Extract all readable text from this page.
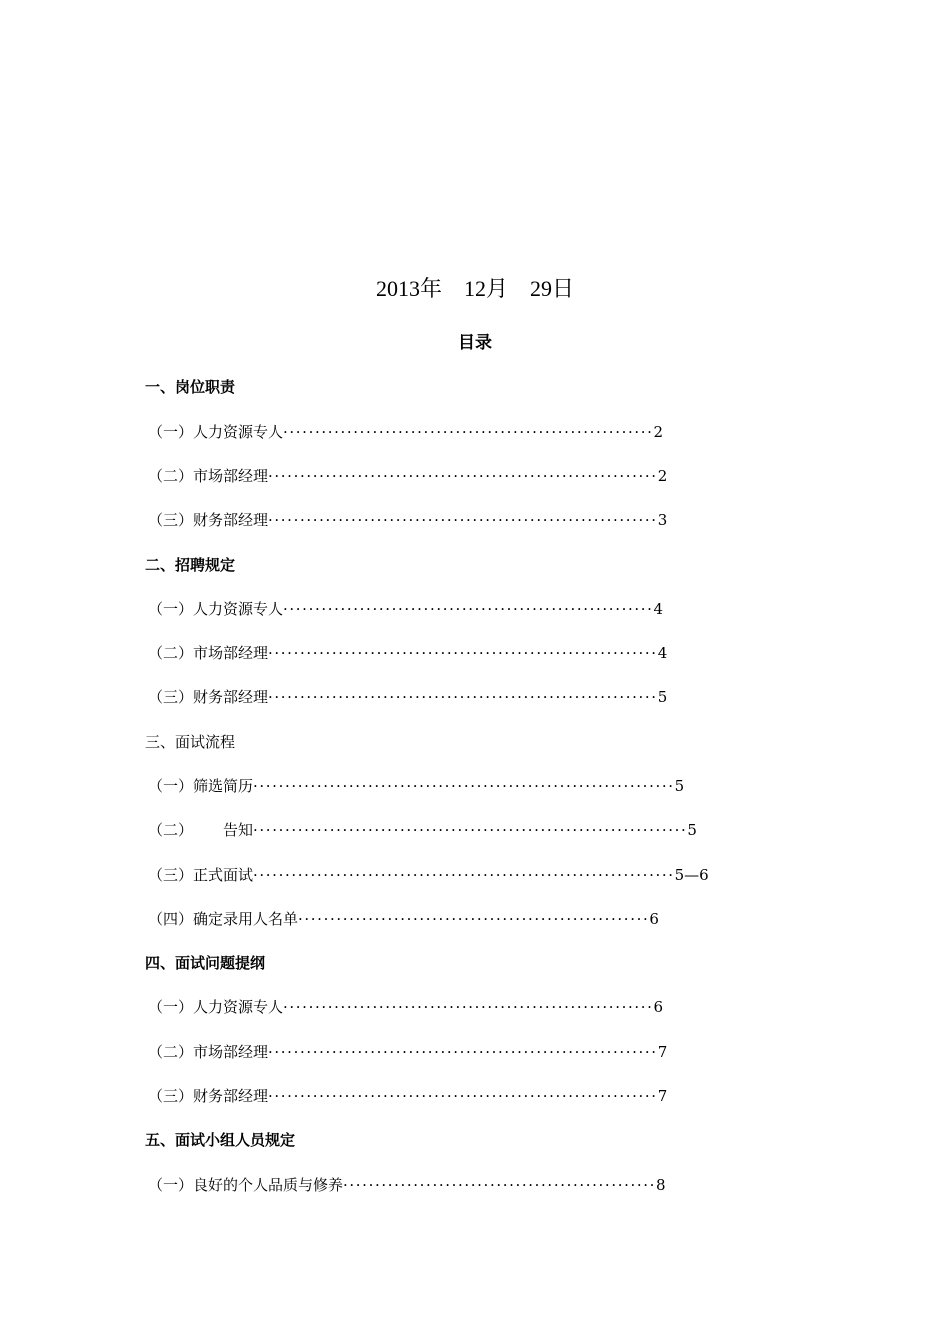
2013年　12月　29日
目录
一、岗位职责
（一）人力资源专人··························································2
（二）市场部经理·····························································2
（三）财务部经理·····························································3
二、招聘规定
（一）人力资源专人··························································4
（二）市场部经理·····························································4
（三）财务部经理·····························································5
三、面试流程
（一）筛选简历··································································5
（二） 告知····································································5
（三）正式面试··································································5—6
（四）确定录用人名单·······················································6
四、面试问题提纲
（一）人力资源专人··························································6
（二）市场部经理·····························································7
（三）财务部经理·····························································7
五、面试小组人员规定
（一）良好的个人品质与修养·················································8
